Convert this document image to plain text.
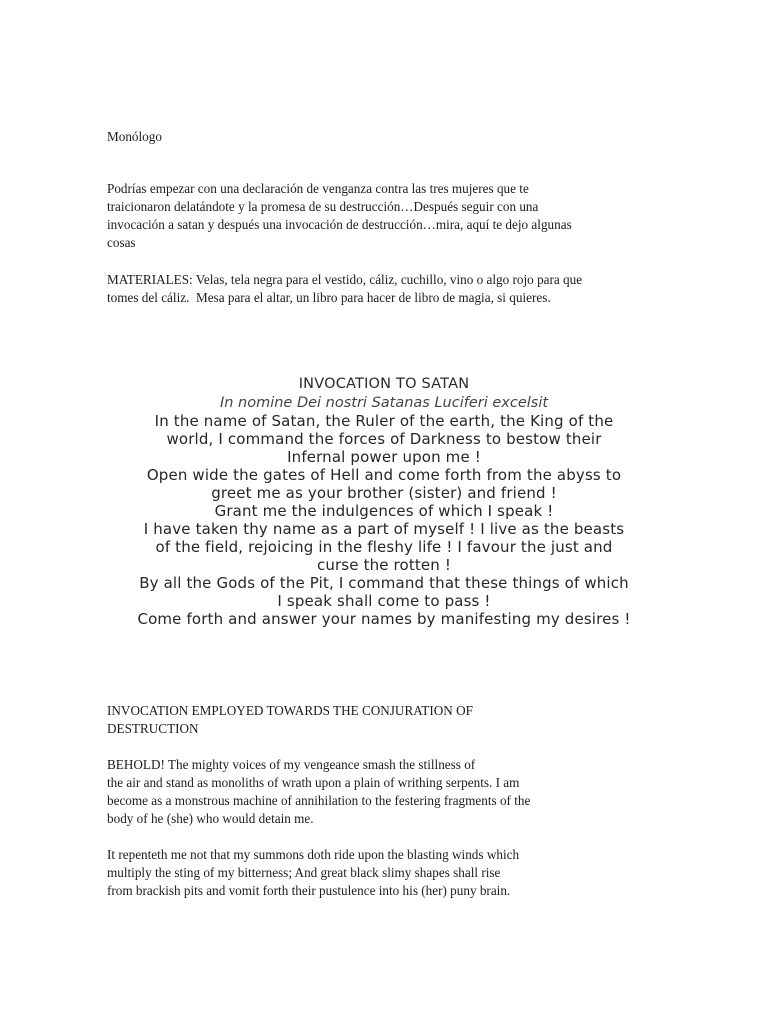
Monólogo
Podrías empezar con una declaración de venganza contra las tres mujeres que te
traicionaron delatándote y la promesa de su destrucción…Después seguir con una
invocación a satan y después una invocación de destrucción…mira, aquí te dejo algunas
cosas
MATERIALES: Velas, tela negra para el vestido, cáliz, cuchillo, vino o algo rojo para que
tomes del cáliz.  Mesa para el altar, un libro para hacer de libro de magia, si quieres.
INVOCATION TO SATAN
In nomine Dei nostri Satanas Luciferi excelsit
In the name of Satan, the Ruler of the earth, the King of the
world, I command the forces of Darkness to bestow their
Infernal power upon me !
Open wide the gates of Hell and come forth from the abyss to
greet me as your brother (sister) and friend !
Grant me the indulgences of which I speak !
I have taken thy name as a part of myself ! I live as the beasts
of the field, rejoicing in the fleshy life ! I favour the just and
curse the rotten !
By all the Gods of the Pit, I command that these things of which
I speak shall come to pass !
Come forth and answer your names by manifesting my desires !
INVOCATION EMPLOYED TOWARDS THE CONJURATION OF
DESTRUCTION
BEHOLD! The mighty voices of my vengeance smash the stillness of
the air and stand as monoliths of wrath upon a plain of writhing serpents. I am
become as a monstrous machine of annihilation to the festering fragments of the
body of he (she) who would detain me.
It repenteth me not that my summons doth ride upon the blasting winds which
multiply the sting of my bitterness; And great black slimy shapes shall rise
from brackish pits and vomit forth their pustulence into his (her) puny brain.
